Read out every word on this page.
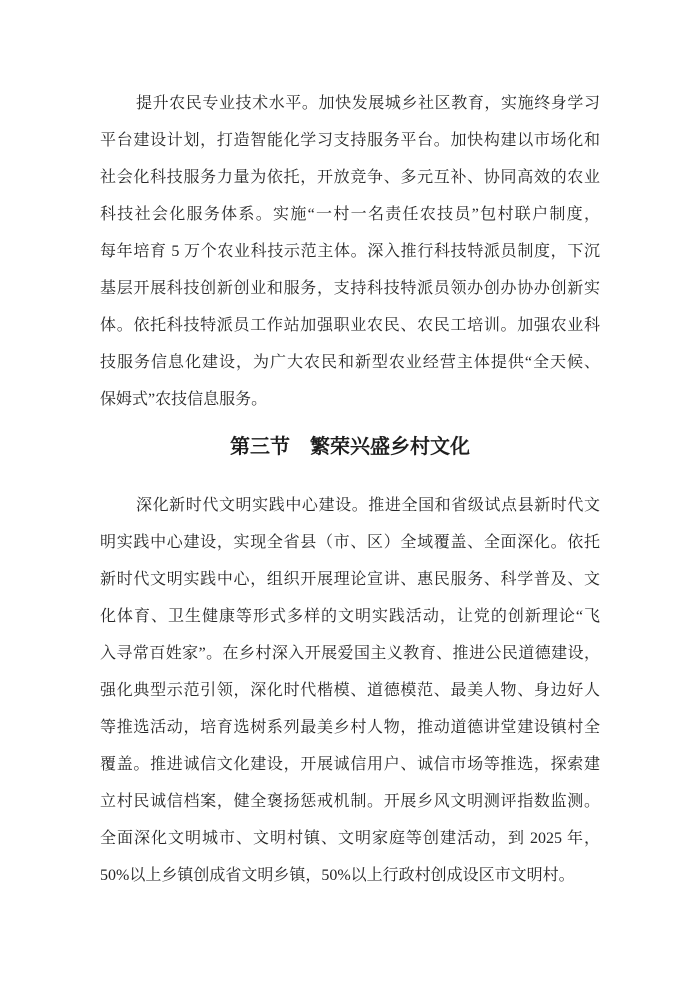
提升农民专业技术水平。加快发展城乡社区教育，实施终身学习
平台建设计划，打造智能化学习支持服务平台。加快构建以市场化和
社会化科技服务力量为依托，开放竞争、多元互补、协同高效的农业
科技社会化服务体系。实施“一村一名责任农技员”包村联户制度，
每年培育 5 万个农业科技示范主体。深入推行科技特派员制度，下沉
基层开展科技创新创业和服务，支持科技特派员领办创办协办创新实
体。依托科技特派员工作站加强职业农民、农民工培训。加强农业科
技服务信息化建设，为广大农民和新型农业经营主体提供“全天候、
保姆式”农技信息服务。
第三节　繁荣兴盛乡村文化
深化新时代文明实践中心建设。推进全国和省级试点县新时代文
明实践中心建设，实现全省县（市、区）全域覆盖、全面深化。依托
新时代文明实践中心，组织开展理论宣讲、惠民服务、科学普及、文
化体育、卫生健康等形式多样的文明实践活动，让党的创新理论“飞
入寻常百姓家”。在乡村深入开展爱国主义教育、推进公民道德建设，
强化典型示范引领，深化时代楷模、道德模范、最美人物、身边好人
等推选活动，培育选树系列最美乡村人物，推动道德讲堂建设镇村全
覆盖。推进诚信文化建设，开展诚信用户、诚信市场等推选，探索建
立村民诚信档案，健全褒扬惩戒机制。开展乡风文明测评指数监测。
全面深化文明城市、文明村镇、文明家庭等创建活动，到 2025 年，
50%以上乡镇创成省文明乡镇，50%以上行政村创成设区市文明村。
